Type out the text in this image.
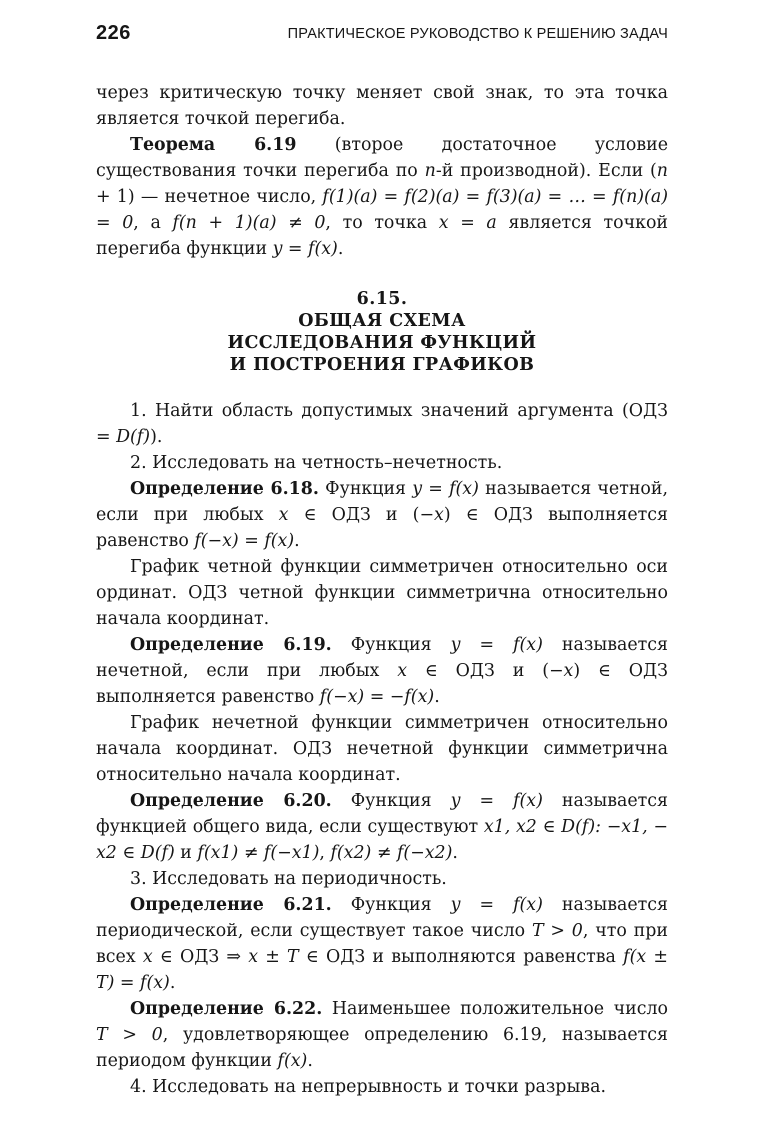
226	ПРАКТИЧЕСКОЕ РУКОВОДСТВО К РЕШЕНИЮ ЗАДАЧ

через критическую точку меняет свой знак, то эта точка является точкой перегиба.

Теорема 6.19 (второе достаточное условие существования точки перегиба по n-й производной). Если (n + 1) — нечетное число, f(1)(a) = f(2)(a) = f(3)(a) = … = f(n)(a) = 0, а f(n + 1)(a) ≠ 0, то точка x = a является точкой перегиба функции y = f(x).

6.15.
ОБЩАЯ СХЕМА
ИССЛЕДОВАНИЯ ФУНКЦИЙ
И ПОСТРОЕНИЯ ГРАФИКОВ

1. Найти область допустимых значений аргумента (ОДЗ = D(f)).

2. Исследовать на четность–нечетность.

Определение 6.18. Функция y = f(x) называется четной, если при любых x ∈ ОДЗ и (−x) ∈ ОДЗ выполняется равенство f(−x) = f(x).

График четной функции симметричен относительно оси ординат. ОДЗ четной функции симметрична относительно начала координат.

Определение 6.19. Функция y = f(x) называется нечетной, если при любых x ∈ ОДЗ и (−x) ∈ ОДЗ выполняется равенство f(−x) = −f(x).

График нечетной функции симметричен относительно начала координат. ОДЗ нечетной функции симметрична относительно начала координат.

Определение 6.20. Функция y = f(x) называется функцией общего вида, если существуют x1, x2 ∈ D(f): −x1, − x2 ∈ D(f) и f(x1) ≠ f(−x1), f(x2) ≠ f(−x2).

3. Исследовать на периодичность.

Определение 6.21. Функция y = f(x) называется периодической, если существует такое число T > 0, что при всех x ∈ ОДЗ ⇒ x ± T ∈ ОДЗ и выполняются равенства f(x ± T) = f(x).

Определение 6.22. Наименьшее положительное число T > 0, удовлетворяющее определению 6.19, называется периодом функции f(x).

4. Исследовать на непрерывность и точки разрыва.
